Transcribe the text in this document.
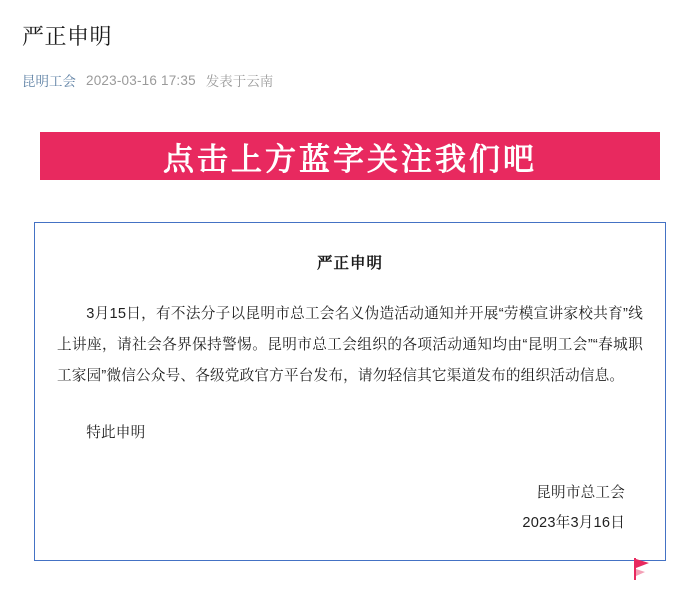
严正申明
昆明工会 2023-03-16 17:35 发表于云南
点击上方蓝字关注我们吧
严正申明

3月15日，有不法分子以昆明市总工会名义伪造活动通知并开展“劳模宣讲家校共育”线上讲座，请社会各界保持警惕。昆明市总工会组织的各项活动通知均由“昆明工会”“春城职工家园”微信公众号、各级党政官方平台发布，请勿轻信其它渠道发布的组织活动信息。

特此申明

昆明市总工会
2023年3月16日
